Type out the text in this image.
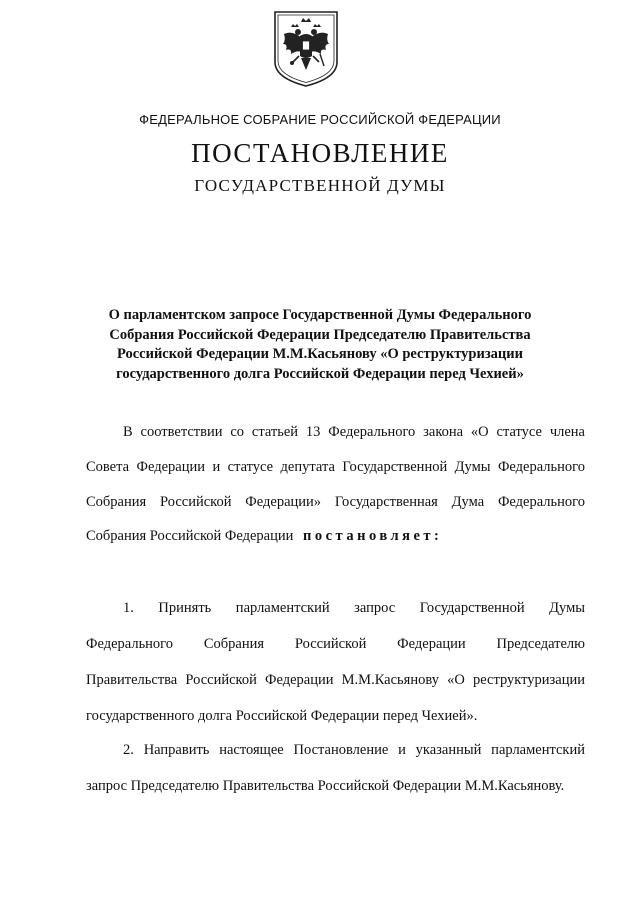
ФЕДЕРАЛЬНОЕ СОБРАНИЕ РОССИЙСКОЙ ФЕДЕРАЦИИ
ПОСТАНОВЛЕНИЕ
ГОСУДАРСТВЕННОЙ ДУМЫ
О парламентском запросе Государственной Думы Федерального
Собрания Российской Федерации Председателю Правительства
Российской Федерации М.М.Касьянову «О реструктуризации
государственного долга Российской Федерации перед Чехией»
В соответствии со статьей 13 Федерального закона «О статусе члена
Совета Федерации и статусе депутата Государственной Думы Федерального
Собрания Российской Федерации» Государственная Дума Федерального
Собрания Российской Федерации постановляет:
1. Принять парламентский запрос Государственной Думы
Федерального Собрания Российской Федерации Председателю
Правительства Российской Федерации М.М.Касьянову «О реструктуризации
государственного долга Российской Федерации перед Чехией».
2. Направить настоящее Постановление и указанный парламентский
запрос Председателю Правительства Российской Федерации М.М.Касьянову.
